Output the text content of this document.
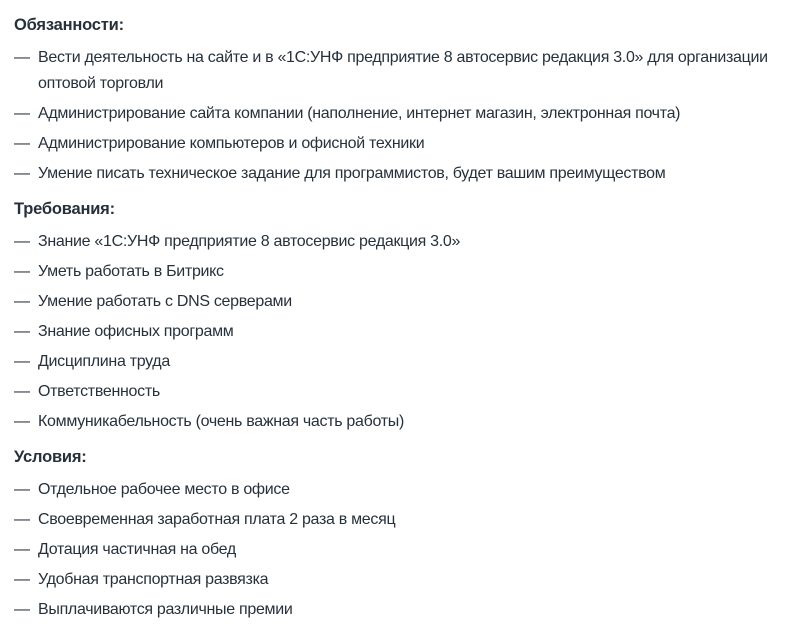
Обязанности:
— Вести деятельность на сайте и в «1С:УНФ предприятие 8 автосервис редакция 3.0» для организации оптовой торговли
— Администрирование сайта компании (наполнение, интернет магазин, электронная почта)
— Администрирование компьютеров и офисной техники
— Умение писать техническое задание для программистов, будет вашим преимуществом
Требования:
— Знание «1С:УНФ предприятие 8 автосервис редакция 3.0»
— Уметь работать в Битрикс
— Умение работать с DNS серверами
— Знание офисных программ
— Дисциплина труда
— Ответственность
— Коммуникабельность (очень важная часть работы)
Условия:
— Отдельное рабочее место в офисе
— Своевременная заработная плата 2 раза в месяц
— Дотация частичная на обед
— Удобная транспортная развязка
— Выплачиваются различные премии
